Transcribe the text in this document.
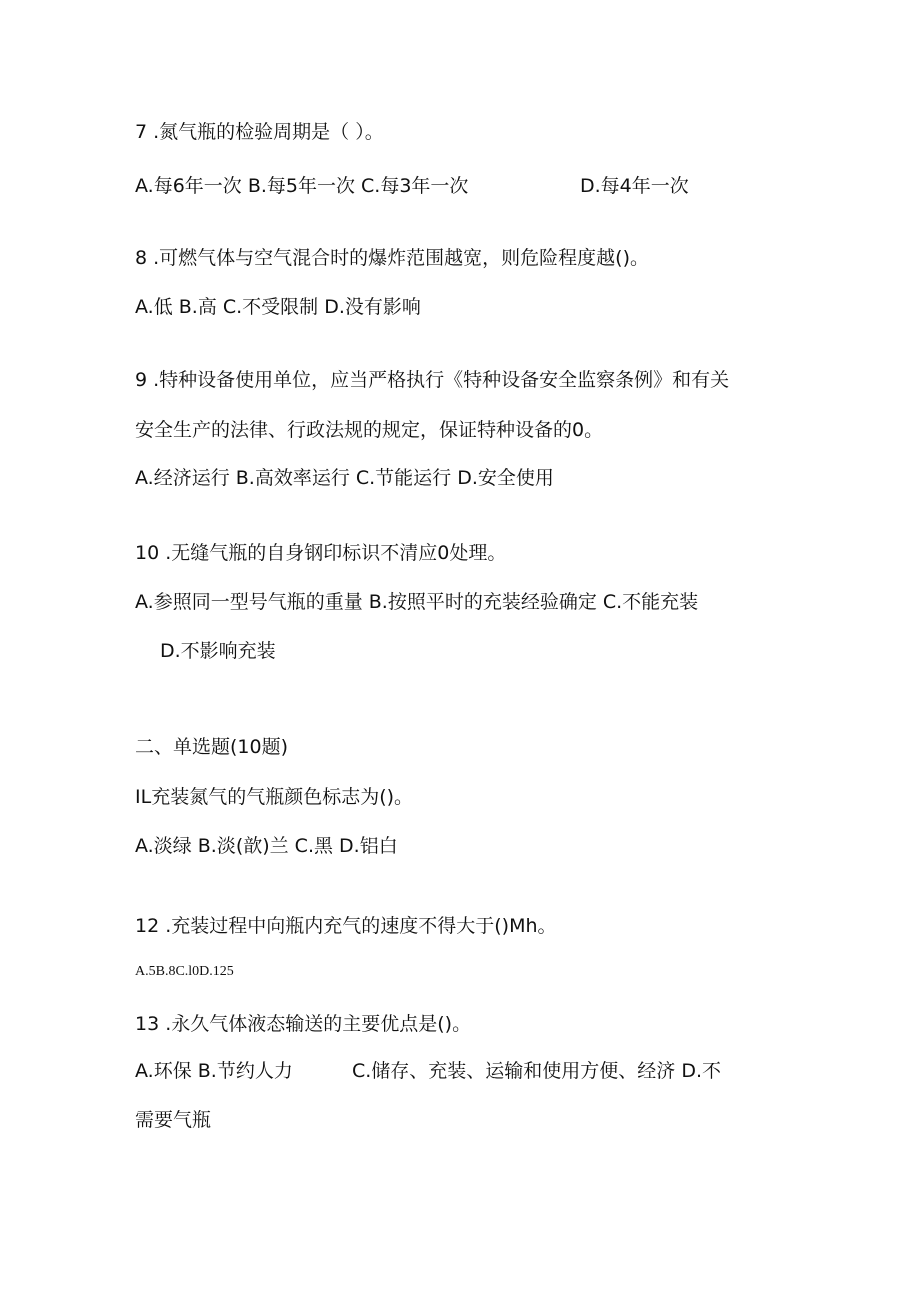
7 .氮气瓶的检验周期是（ ）。
A.每6年一次 B.每5年一次 C.每3年一次	D.每4年一次
8 .可燃气体与空气混合时的爆炸范围越宽，则危险程度越()。
A.低 B.高 C.不受限制 D.没有影响
9 .特种设备使用单位，应当严格执行《特种设备安全监察条例》和有关
安全生产的法律、行政法规的规定，保证特种设备的0。
A.经济运行 B.高效率运行 C.节能运行 D.安全使用
10 .无缝气瓶的自身钢印标识不清应0处理。
A.参照同一型号气瓶的重量 B.按照平时的充装经验确定 C.不能充装
D.不影响充装
二、单选题(10题)
IL充装氮气的气瓶颜色标志为()。
A.淡绿 B.淡(歆)兰 C.黑 D.铝白
12 .充装过程中向瓶内充气的速度不得大于()Mh。
A.5B.8C.l0D.125
13 .永久气体液态输送的主要优点是()。
A.环保 B.节约人力	C.储存、充装、运输和使用方便、经济 D.不
需要气瓶
